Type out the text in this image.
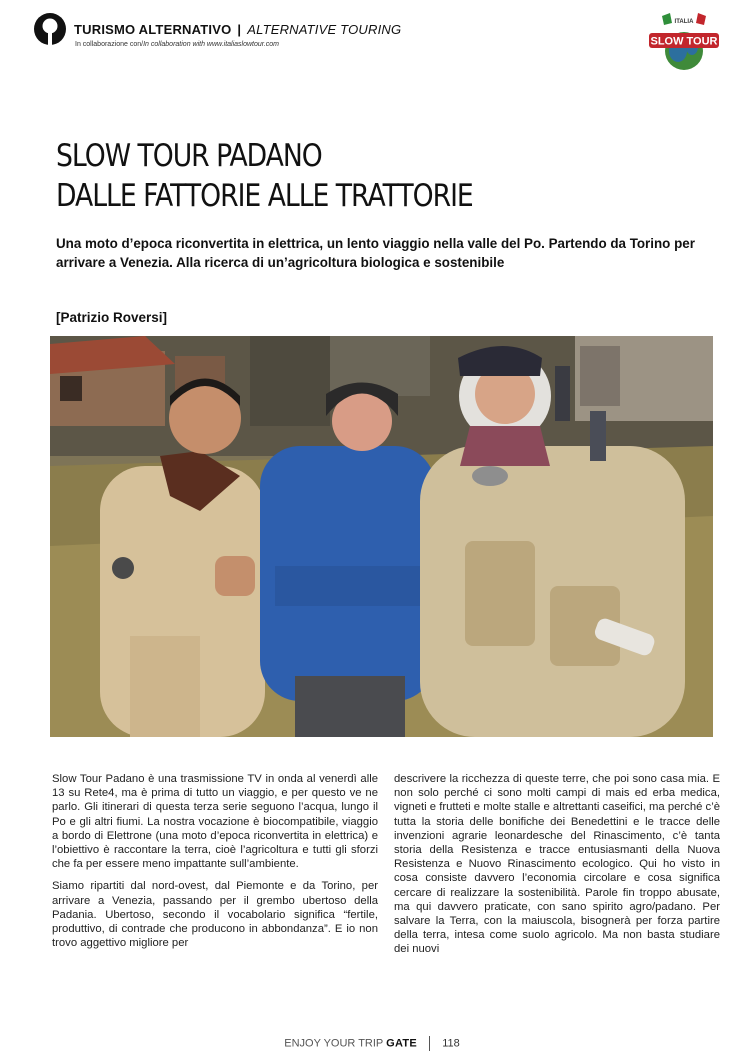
TURISMO ALTERNATIVO | ALTERNATIVE TOURING
In collaborazione con/In collaboration with www.italiaslowtour.com
ITALIA
SLOW TOUR
SLOW TOUR PADANO
DALLE FATTORIE ALLE TRATTORIE

Una moto d’epoca riconvertita in elettrica, un lento viaggio nella valle del Po. Partendo da Torino per arrivare a Venezia. Alla ricerca di un’agricoltura biologica e sostenibile

[Patrizio Roversi]

Slow Tour Padano è una trasmissione TV in onda al venerdì alle 13 su Rete4, ma è prima di tutto un viaggio, e per questo ve ne parlo. Gli itinerari di questa terza serie seguono l’acqua, lungo il Po e gli altri fiumi. La nostra vocazione è biocompatibile, viaggio a bordo di Elettrone (una moto d’epoca riconvertita in elettrica) e l’obiettivo è raccontare la terra, cioè l’agricoltura e tutti gli sforzi che fa per essere meno impattante sull’ambiente.

Siamo ripartiti dal nord-ovest, dal Piemonte e da Torino, per arrivare a Venezia, passando per il grembo ubertoso della Padania. Ubertoso, secondo il vocabolario significa “fertile, produttivo, di contrade che producono in abbondanza”. E io non trovo aggettivo migliore per

descrivere la ricchezza di queste terre, che poi sono casa mia. E non solo perché ci sono molti campi di mais ed erba medica, vigneti e frutteti e molte stalle e altrettanti caseifici, ma perché c’è tutta la storia delle bonifiche dei Benedettini e le tracce delle invenzioni agrarie leonardesche del Rinascimento, c’è tanta storia della Resistenza e tracce entusiasmanti della Nuova Resistenza e Nuovo Rinascimento ecologico. Qui ho visto in cosa consiste davvero l’economia circolare e cosa significa cercare di realizzare la sostenibilità. Parole fin troppo abusate, ma qui davvero praticate, con sano spirito agro/padano. Per salvare la Terra, con la maiuscola, bisognerà per forza partire della terra, intesa come suolo agricolo. Ma non basta studiare dei nuovi

ENJOY YOUR TRIP GATE 118
